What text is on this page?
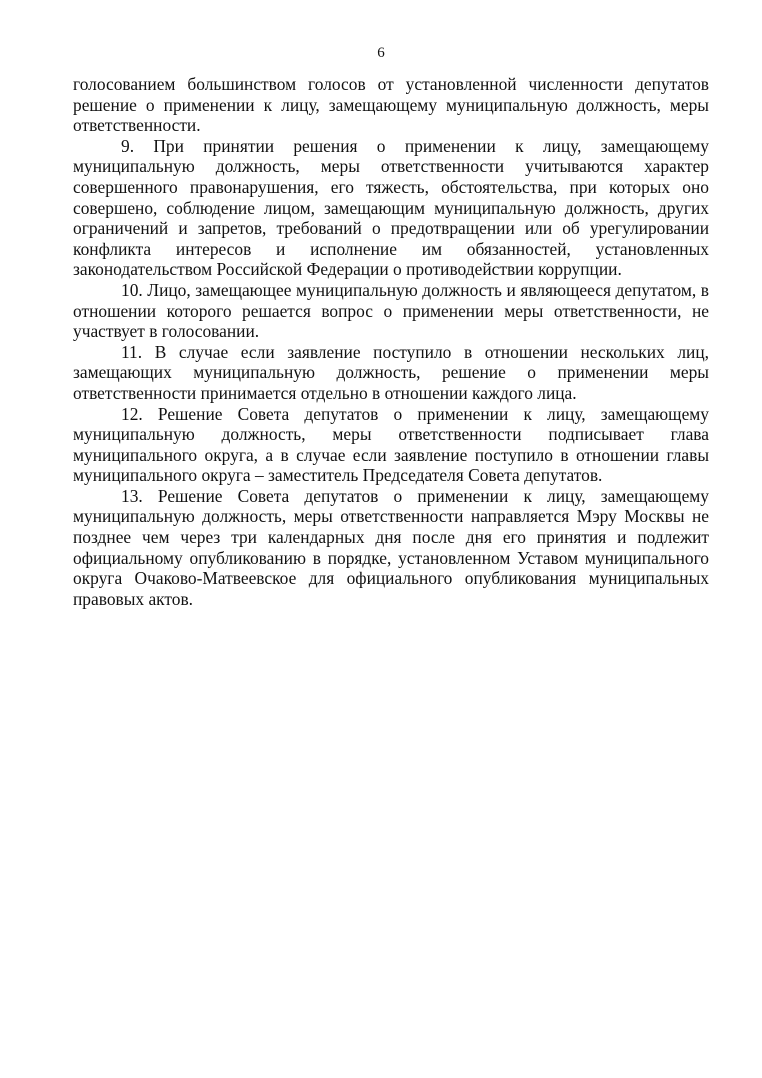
6

голосованием большинством голосов от установленной численности депутатов решение о применении к лицу, замещающему муниципальную должность, меры ответственности.

9. При принятии решения о применении к лицу, замещающему муниципальную должность, меры ответственности учитываются характер совершенного правонарушения, его тяжесть, обстоятельства, при которых оно совершено, соблюдение лицом, замещающим муниципальную должность, других ограничений и запретов, требований о предотвращении или об урегулировании конфликта интересов и исполнение им обязанностей, установленных законодательством Российской Федерации о противодействии коррупции.

10. Лицо, замещающее муниципальную должность и являющееся депутатом, в отношении которого решается вопрос о применении меры ответственности, не участвует в голосовании.

11. В случае если заявление поступило в отношении нескольких лиц, замещающих муниципальную должность, решение о применении меры ответственности принимается отдельно в отношении каждого лица.

12. Решение Совета депутатов о применении к лицу, замещающему муниципальную должность, меры ответственности подписывает глава муниципального округа, а в случае если заявление поступило в отношении главы муниципального округа – заместитель Председателя Совета депутатов.

13. Решение Совета депутатов о применении к лицу, замещающему муниципальную должность, меры ответственности направляется Мэру Москвы не позднее чем через три календарных дня после дня его принятия и подлежит официальному опубликованию в порядке, установленном Уставом муниципального округа Очаково-Матвеевское для официального опубликования муниципальных правовых актов.
